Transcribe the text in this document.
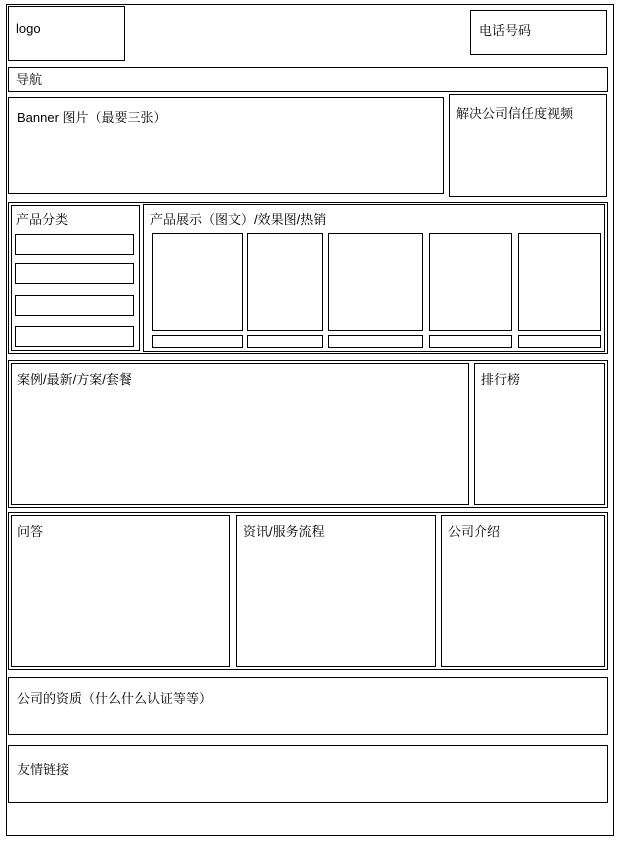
logo	电话号码
导航
Banner 图片（最要三张）	解决公司信任度视频
产品分类	产品展示（图文）/效果图/热销
案例/最新/方案/套餐	排行榜
问答	资讯/服务流程	公司介绍
公司的资质（什么什么认证等等）
友情链接
